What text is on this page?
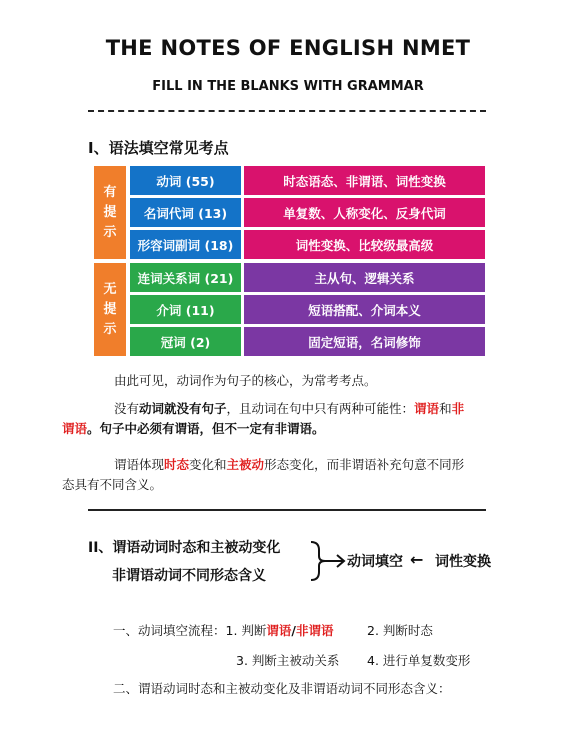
THE NOTES OF ENGLISH NMET
FILL IN THE BLANKS WITH GRAMMAR
I、语法填空常见考点
有提示
无提示
动词 (55)	时态语态、非谓语、词性变换
名词代词 (13)	单复数、人称变化、反身代词
形容词副词 (18)	词性变换、比较级最高级
连词关系词 (21)	主从句、逻辑关系
介词 (11)	短语搭配、介词本义
冠词 (2)	固定短语，名词修饰
由此可见，动词作为句子的核心，为常考考点。
没有动词就没有句子，且动词在句中只有两种可能性：谓语和非
谓语。句子中必须有谓语，但不一定有非谓语。
谓语体现时态变化和主被动形态变化，而非谓语补充句意不同形
态具有不同含义。
II、谓语动词时态和主被动变化
非谓语动词不同形态含义
动词填空 ← 词性变换
一、动词填空流程：1. 判断谓语/非谓语	2. 判断时态
3. 判断主被动关系 4. 进行单复数变形
二、谓语动词时态和主被动变化及非谓语动词不同形态含义：
